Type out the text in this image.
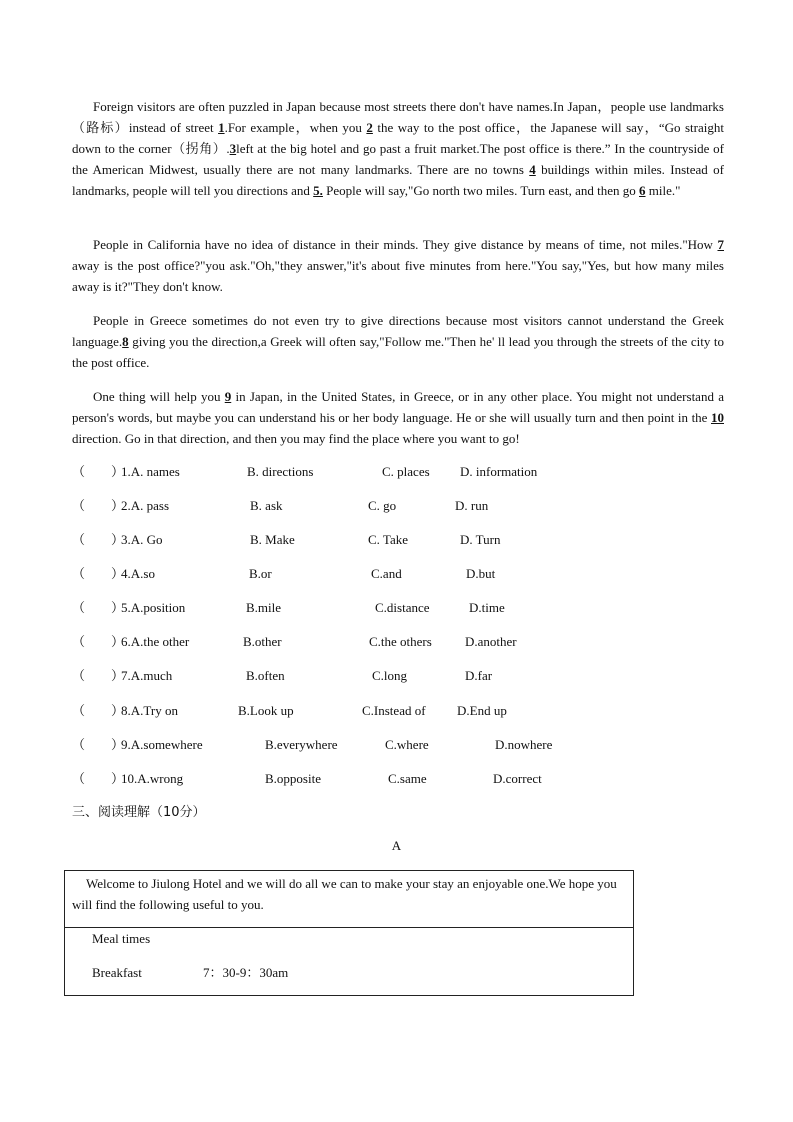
Foreign visitors are often puzzled in Japan because most streets there don't have names.In Japan，people use landmarks（路标）instead of street 1.For example，when you 2 the way to the post office，the Japanese will say，“Go straight down to the corner（拐角）.3left at the big hotel and go past a fruit market.The post office is there.” In the countryside of the American Midwest, usually there are not many landmarks. There are no towns 4 buildings within miles. Instead of landmarks, people will tell you directions and 5. People will say,"Go north two miles. Turn east, and then go 6 mile."

People in California have no idea of distance in their minds. They give distance by means of time, not miles."How 7 away is the post office?"you ask."Oh,"they answer,"it's about five minutes from here."You say,"Yes, but how many miles away is it?"They don't know.

People in Greece sometimes do not even try to give directions because most visitors cannot understand the Greek language.8 giving you the direction,a Greek will often say,"Follow me."Then he' ll lead you through the streets of the city to the post office.

One thing will help you 9 in Japan, in the United States, in Greece, or in any other place. You might not understand a person's words, but maybe you can understand his or her body language. He or she will usually turn and then point in the 10 direction. Go in that direction, and then you may find the place where you want to go!

（　　）
1.A. names	B. directions	C. places D. information
（　　）
2.A. pass	B. ask	C. go	D. run
（　　）
3.A. Go	B. Make	C. Take	D. Turn
（　　）
4.A.so	B.or	C.and	D.but
（　　）
5.A.position	B.mile	C.distance	D.time
（　　）
6.A.the other	B.other	C.the others	D.another
（　　）
7.A.much	B.often	C.long	D.far
（　　）
8.A.Try on	B.Look up	C.Instead of D.End up
（　　）
9.A.somewhere	B.everywhere	C.where	D.nowhere
（　　）
10.A.wrong	B.opposite	C.same	D.correct
三、阅读理解（10分）
A

Welcome to Jiulong Hotel and we will do all we can to make your stay an enjoyable one.We hope you will find the following useful to you.

Meal times
Breakfast	7：30-9：30am
